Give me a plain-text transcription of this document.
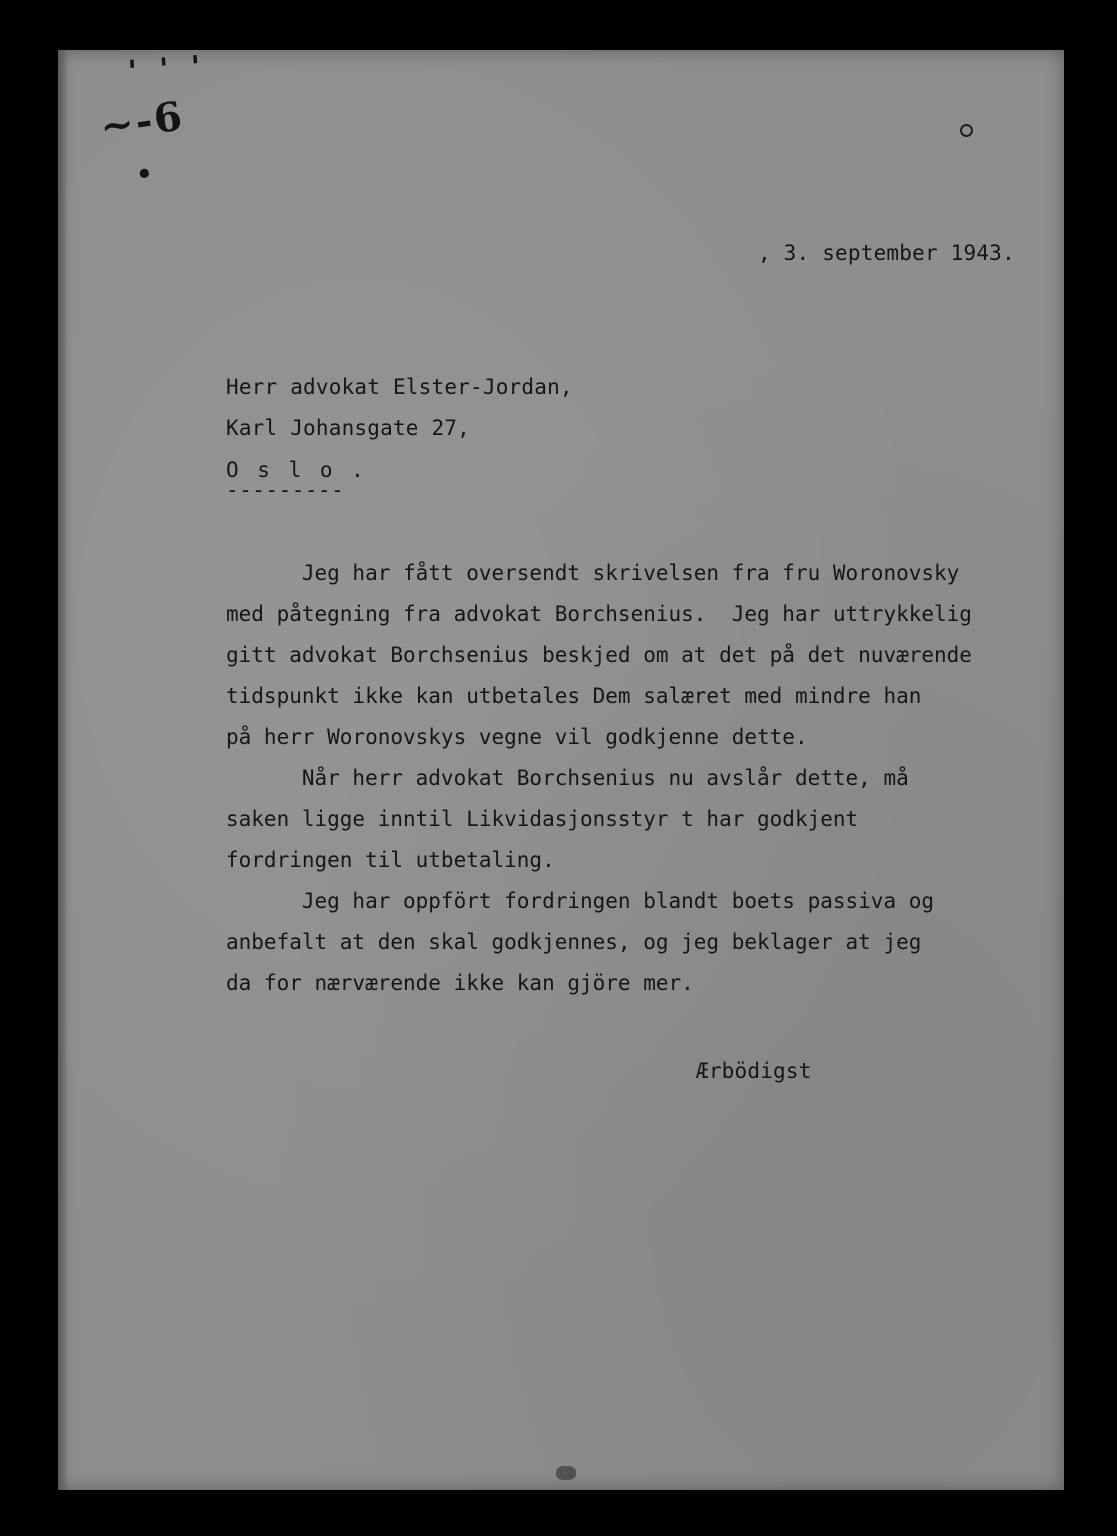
' ' '
~-6
•
, 3. september 1943.
Herr advokat Elster-Jordan,
Karl Johansgate 27,
O s l o .
---------
Jeg har fått oversendt skrivelsen fra fru Woronovsky
med påtegning fra advokat Borchsenius.  Jeg har uttrykkelig
gitt advokat Borchsenius beskjed om at det på det nuværende
tidspunkt ikke kan utbetales Dem salæret med mindre han
på herr Woronovskys vegne vil godkjenne dette.
Når herr advokat Borchsenius nu avslår dette, må
saken ligge inntil Likvidasjonsstyr t har godkjent
fordringen til utbetaling.
Jeg har oppfört fordringen blandt boets passiva og
anbefalt at den skal godkjennes, og jeg beklager at jeg
da for nærværende ikke kan gjöre mer.
Ærbödigst
